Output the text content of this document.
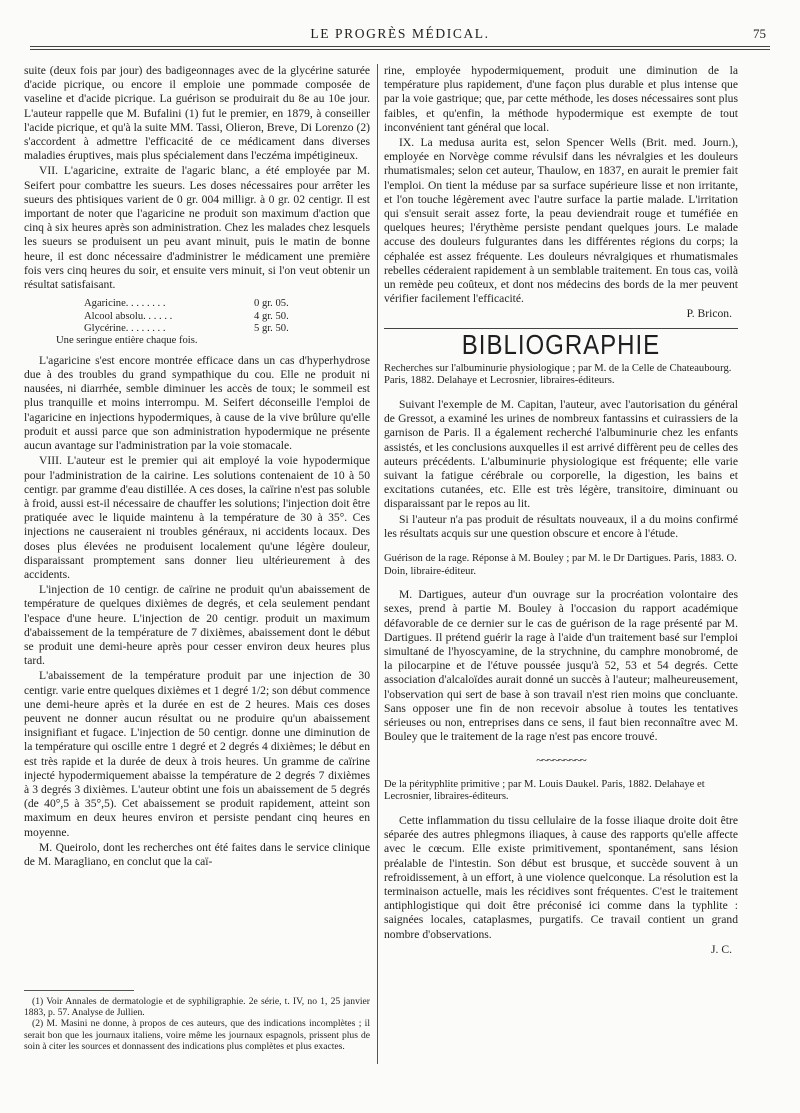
LE PROGRÈS MÉDICAL.	75

suite (deux fois par jour) des badigeonnages avec de la glycérine saturée d'acide picrique, ou encore il emploie une pommade composée de vaseline et d'acide picrique. La guérison se produirait du 8e au 10e jour. L'auteur rappelle que M. Bufalini (1) fut le premier, en 1879, à conseiller l'acide picrique, et qu'à la suite MM. Tassi, Olieron, Breve, Di Lorenzo (2) s'accordent à admettre l'efficacité de ce médicament dans diverses maladies éruptives, mais plus spécialement dans l'eczéma impétigineux.

VII. L'agaricine, extraite de l'agaric blanc, a été employée par M. Seifert pour combattre les sueurs. Les doses nécessaires pour arrêter les sueurs des phtisiques varient de 0 gr. 004 milligr. à 0 gr. 02 centigr. Il est important de noter que l'agaricine ne produit son maximum d'action que cinq à six heures après son administration. Chez les malades chez lesquels les sueurs se produisent un peu avant minuit, puis le matin de bonne heure, il est donc nécessaire d'administrer le médicament une première fois vers cinq heures du soir, et ensuite vers minuit, si l'on veut obtenir un résultat satisfaisant.

Agaricine. . . . . . . .	0 gr. 05.
Alcool absolu. . . . . .	4 gr. 50.
Glycérine. . . . . . . .	5 gr. 50.
Une seringue entière chaque fois.

L'agaricine s'est encore montrée efficace dans un cas d'hyperhydrose due à des troubles du grand sympathique du cou. Elle ne produit ni nausées, ni diarrhée, semble diminuer les accès de toux; le sommeil est plus tranquille et moins interrompu. M. Seifert déconseille l'emploi de l'agaricine en injections hypodermiques, à cause de la vive brûlure qu'elle produit et aussi parce que son administration hypodermique ne présente aucun avantage sur l'administration par la voie stomacale.

VIII. L'auteur est le premier qui ait employé la voie hypodermique pour l'administration de la cairine. Les solutions contenaient de 10 à 50 centigr. par gramme d'eau distillée. A ces doses, la caïrine n'est pas soluble à froid, aussi est-il nécessaire de chauffer les solutions; l'injection doit être pratiquée avec le liquide maintenu à la température de 30 à 35°. Ces injections ne causeraient ni troubles généraux, ni accidents locaux. Des doses plus élevées ne produisent localement qu'une légère douleur, disparaissant promptement sans donner lieu ultérieurement à des accidents.

L'injection de 10 centigr. de caïrine ne produit qu'un abaissement de température de quelques dixièmes de degrés, et cela seulement pendant l'espace d'une heure. L'injection de 20 centigr. produit un maximum d'abaissement de la température de 7 dixièmes, abaissement dont le début se produit une demi-heure après pour cesser environ deux heures plus tard.

L'abaissement de la température produit par une injection de 30 centigr. varie entre quelques dixièmes et 1 degré 1/2; son début commence une demi-heure après et la durée en est de 2 heures. Mais ces doses peuvent ne donner aucun résultat ou ne produire qu'un abaissement insignifiant et fugace. L'injection de 50 centigr. donne une diminution de la température qui oscille entre 1 degré et 2 degrés 4 dixièmes; le début en est très rapide et la durée de deux à trois heures. Un gramme de caïrine injecté hypodermiquement abaisse la température de 2 degrés 7 dixièmes à 3 degrés 3 dixièmes. L'auteur obtint une fois un abaissement de 5 degrés (de 40°,5 à 35°,5). Cet abaissement se produit rapidement, atteint son maximum en deux heures environ et persiste pendant cinq heures en moyenne.

M. Queirolo, dont les recherches ont été faites dans le service clinique de M. Maragliano, en conclut que la caï-

(1) Voir Annales de dermatologie et de syphiligraphie. 2e série, t. IV, no 1, 25 janvier 1883, p. 57. Analyse de Jullien.

(2) M. Masini ne donne, à propos de ces auteurs, que des indications incomplètes ; il serait bon que les journaux italiens, voire même les journaux espagnols, prissent plus de soin à citer les sources et donnassent des indications plus complètes et plus exactes.

rine, employée hypodermiquement, produit une diminution de la température plus rapidement, d'une façon plus durable et plus intense que par la voie gastrique; que, par cette méthode, les doses nécessaires sont plus faibles, et qu'enfin, la méthode hypodermique est exempte de tout inconvénient tant général que local.

IX. La medusa aurita est, selon Spencer Wells (Brit. med. Journ.), employée en Norvège comme révulsif dans les névralgies et les douleurs rhumatismales; selon cet auteur, Thaulow, en 1837, en aurait le premier fait l'emploi. On tient la méduse par sa surface supérieure lisse et non irritante, et l'on touche légèrement avec l'autre surface la partie malade. L'irritation qui s'ensuit serait assez forte, la peau deviendrait rouge et tuméfiée en quelques heures; l'érythème persiste pendant quelques jours. Le malade accuse des douleurs fulgurantes dans les différentes régions du corps; la céphalée est assez fréquente. Les douleurs névralgiques et rhumatismales rebelles céderaient rapidement à un semblable traitement. En tous cas, voilà un remède peu coûteux, et dont nos médecins des bords de la mer peuvent vérifier facilement l'efficacité.

P. Bricon.
BIBLIOGRAPHIE

Recherches sur l'albuminurie physiologique ; par M. de la Celle de Chateaubourg. Paris, 1882. Delahaye et Lecrosnier, libraires-éditeurs.

Suivant l'exemple de M. Capitan, l'auteur, avec l'autorisation du général de Gressot, a examiné les urines de nombreux fantassins et cuirassiers de la garnison de Paris. Il a également recherché l'albuminurie chez les enfants assistés, et les conclusions auxquelles il est arrivé diffèrent peu de celles des auteurs précédents. L'albuminurie physiologique est fréquente; elle varie suivant la fatigue cérébrale ou corporelle, la digestion, les bains et excitations cutanées, etc. Elle est très légère, transitoire, diminuant ou disparaissant par le repos au lit.

Si l'auteur n'a pas produit de résultats nouveaux, il a du moins confirmé les résultats acquis sur une question obscure et encore à l'étude.

Guérison de la rage. Réponse à M. Bouley ; par M. le Dr Dartigues. Paris, 1883. O. Doin, libraire-éditeur.

M. Dartigues, auteur d'un ouvrage sur la procréation volontaire des sexes, prend à partie M. Bouley à l'occasion du rapport académique défavorable de ce dernier sur le cas de guérison de la rage présenté par M. Dartigues. Il prétend guérir la rage à l'aide d'un traitement basé sur l'emploi simultané de l'hyoscyamine, de la strychnine, du camphre monobromé, de la pilocarpine et de l'étuve poussée jusqu'à 52, 53 et 54 degrés. Cette association d'alcaloïdes aurait donné un succès à l'auteur; malheureusement, l'observation qui sert de base à son travail n'est rien moins que concluante. Sans opposer une fin de non recevoir absolue à toutes les tentatives sérieuses ou non, entreprises dans ce sens, il faut bien reconnaître avec M. Bouley que le traitement de la rage n'est pas encore trouvé.

~~~~~~~~~

De la pérityphlite primitive ; par M. Louis Daukel. Paris, 1882. Delahaye et Lecrosnier, libraires-éditeurs.

Cette inflammation du tissu cellulaire de la fosse iliaque droite doit être séparée des autres phlegmons iliaques, à cause des rapports qu'elle affecte avec le cœcum. Elle existe primitivement, spontanément, sans lésion préalable de l'intestin. Son début est brusque, et succède souvent à un refroidissement, à un effort, à une violence quelconque. La résolution est la terminaison actuelle, mais les récidives sont fréquentes. C'est le traitement antiphlogistique qui doit être préconisé ici comme dans la typhlite : saignées locales, cataplasmes, purgatifs. Ce travail contient un grand nombre d'observations.

J. C.
